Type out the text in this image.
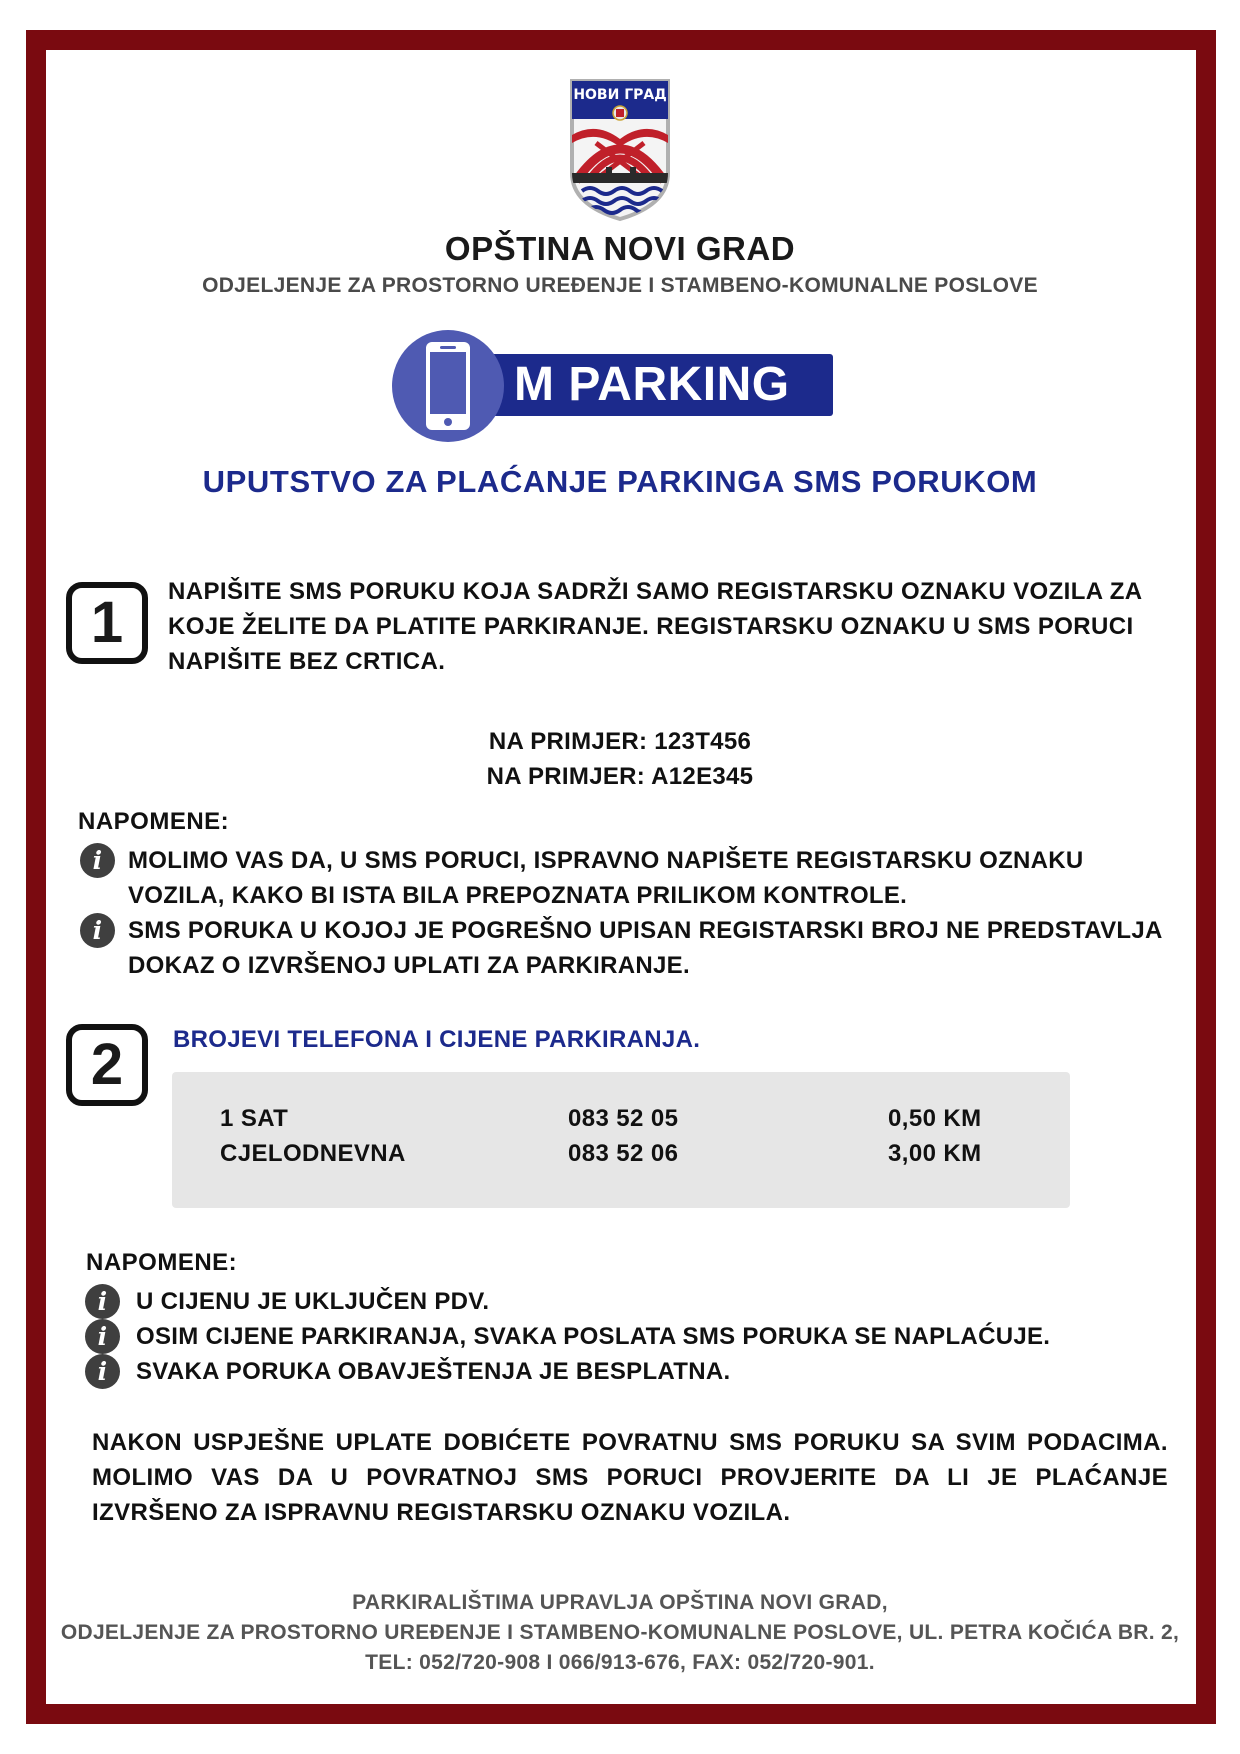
НОВИ ГРАД
OPŠTINA NOVI GRAD
ODJELJENJE ZA PROSTORNO UREĐENJE I STAMBENO-KOMUNALNE POSLOVE
M PARKING
UPUTSTVO ZA PLAĆANJE PARKINGA SMS PORUKOM
1	NAPIŠITE SMS PORUKU KOJA SADRŽI SAMO REGISTARSKU OZNAKU VOZILA ZA
KOJE ŽELITE DA PLATITE PARKIRANJE. REGISTARSKU OZNAKU U SMS PORUCI
NAPIŠITE BEZ CRTICA.
NA PRIMJER: 123T456
NA PRIMJER: A12E345
NAPOMENE:
i	MOLIMO VAS DA, U SMS PORUCI, ISPRAVNO NAPIŠETE REGISTARSKU OZNAKU
VOZILA, KAKO BI ISTA BILA PREPOZNATA PRILIKOM KONTROLE.
i	SMS PORUKA U KOJOJ JE POGREŠNO UPISAN REGISTARSKI BROJ NE PREDSTAVLJA
DOKAZ O IZVRŠENOJ UPLATI ZA PARKIRANJE.
2	BROJEVI TELEFONA I CIJENE PARKIRANJA.
1 SAT	083 52 05	0,50 KM
CJELODNEVNA	083 52 06	3,00 KM
NAPOMENE:
i	U CIJENU JE UKLJUČEN PDV.
i	OSIM CIJENE PARKIRANJA, SVAKA POSLATA SMS PORUKA SE NAPLAĆUJE.
i	SVAKA PORUKA OBAVJEŠTENJA JE BESPLATNA.
NAKON USPJEŠNE UPLATE DOBIĆETE POVRATNU SMS PORUKU SA SVIM PODACIMA.
MOLIMO VAS DA U POVRATNOJ SMS PORUCI PROVJERITE DA LI JE PLAĆANJE
IZVRŠENO ZA ISPRAVNU REGISTARSKU OZNAKU VOZILA.
PARKIRALIŠTIMA UPRAVLJA OPŠTINA NOVI GRAD,
ODJELJENJE ZA PROSTORNO UREĐENJE I STAMBENO-KOMUNALNE POSLOVE, UL. PETRA KOČIĆA BR. 2,
TEL: 052/720-908 I 066/913-676, FAX: 052/720-901.
